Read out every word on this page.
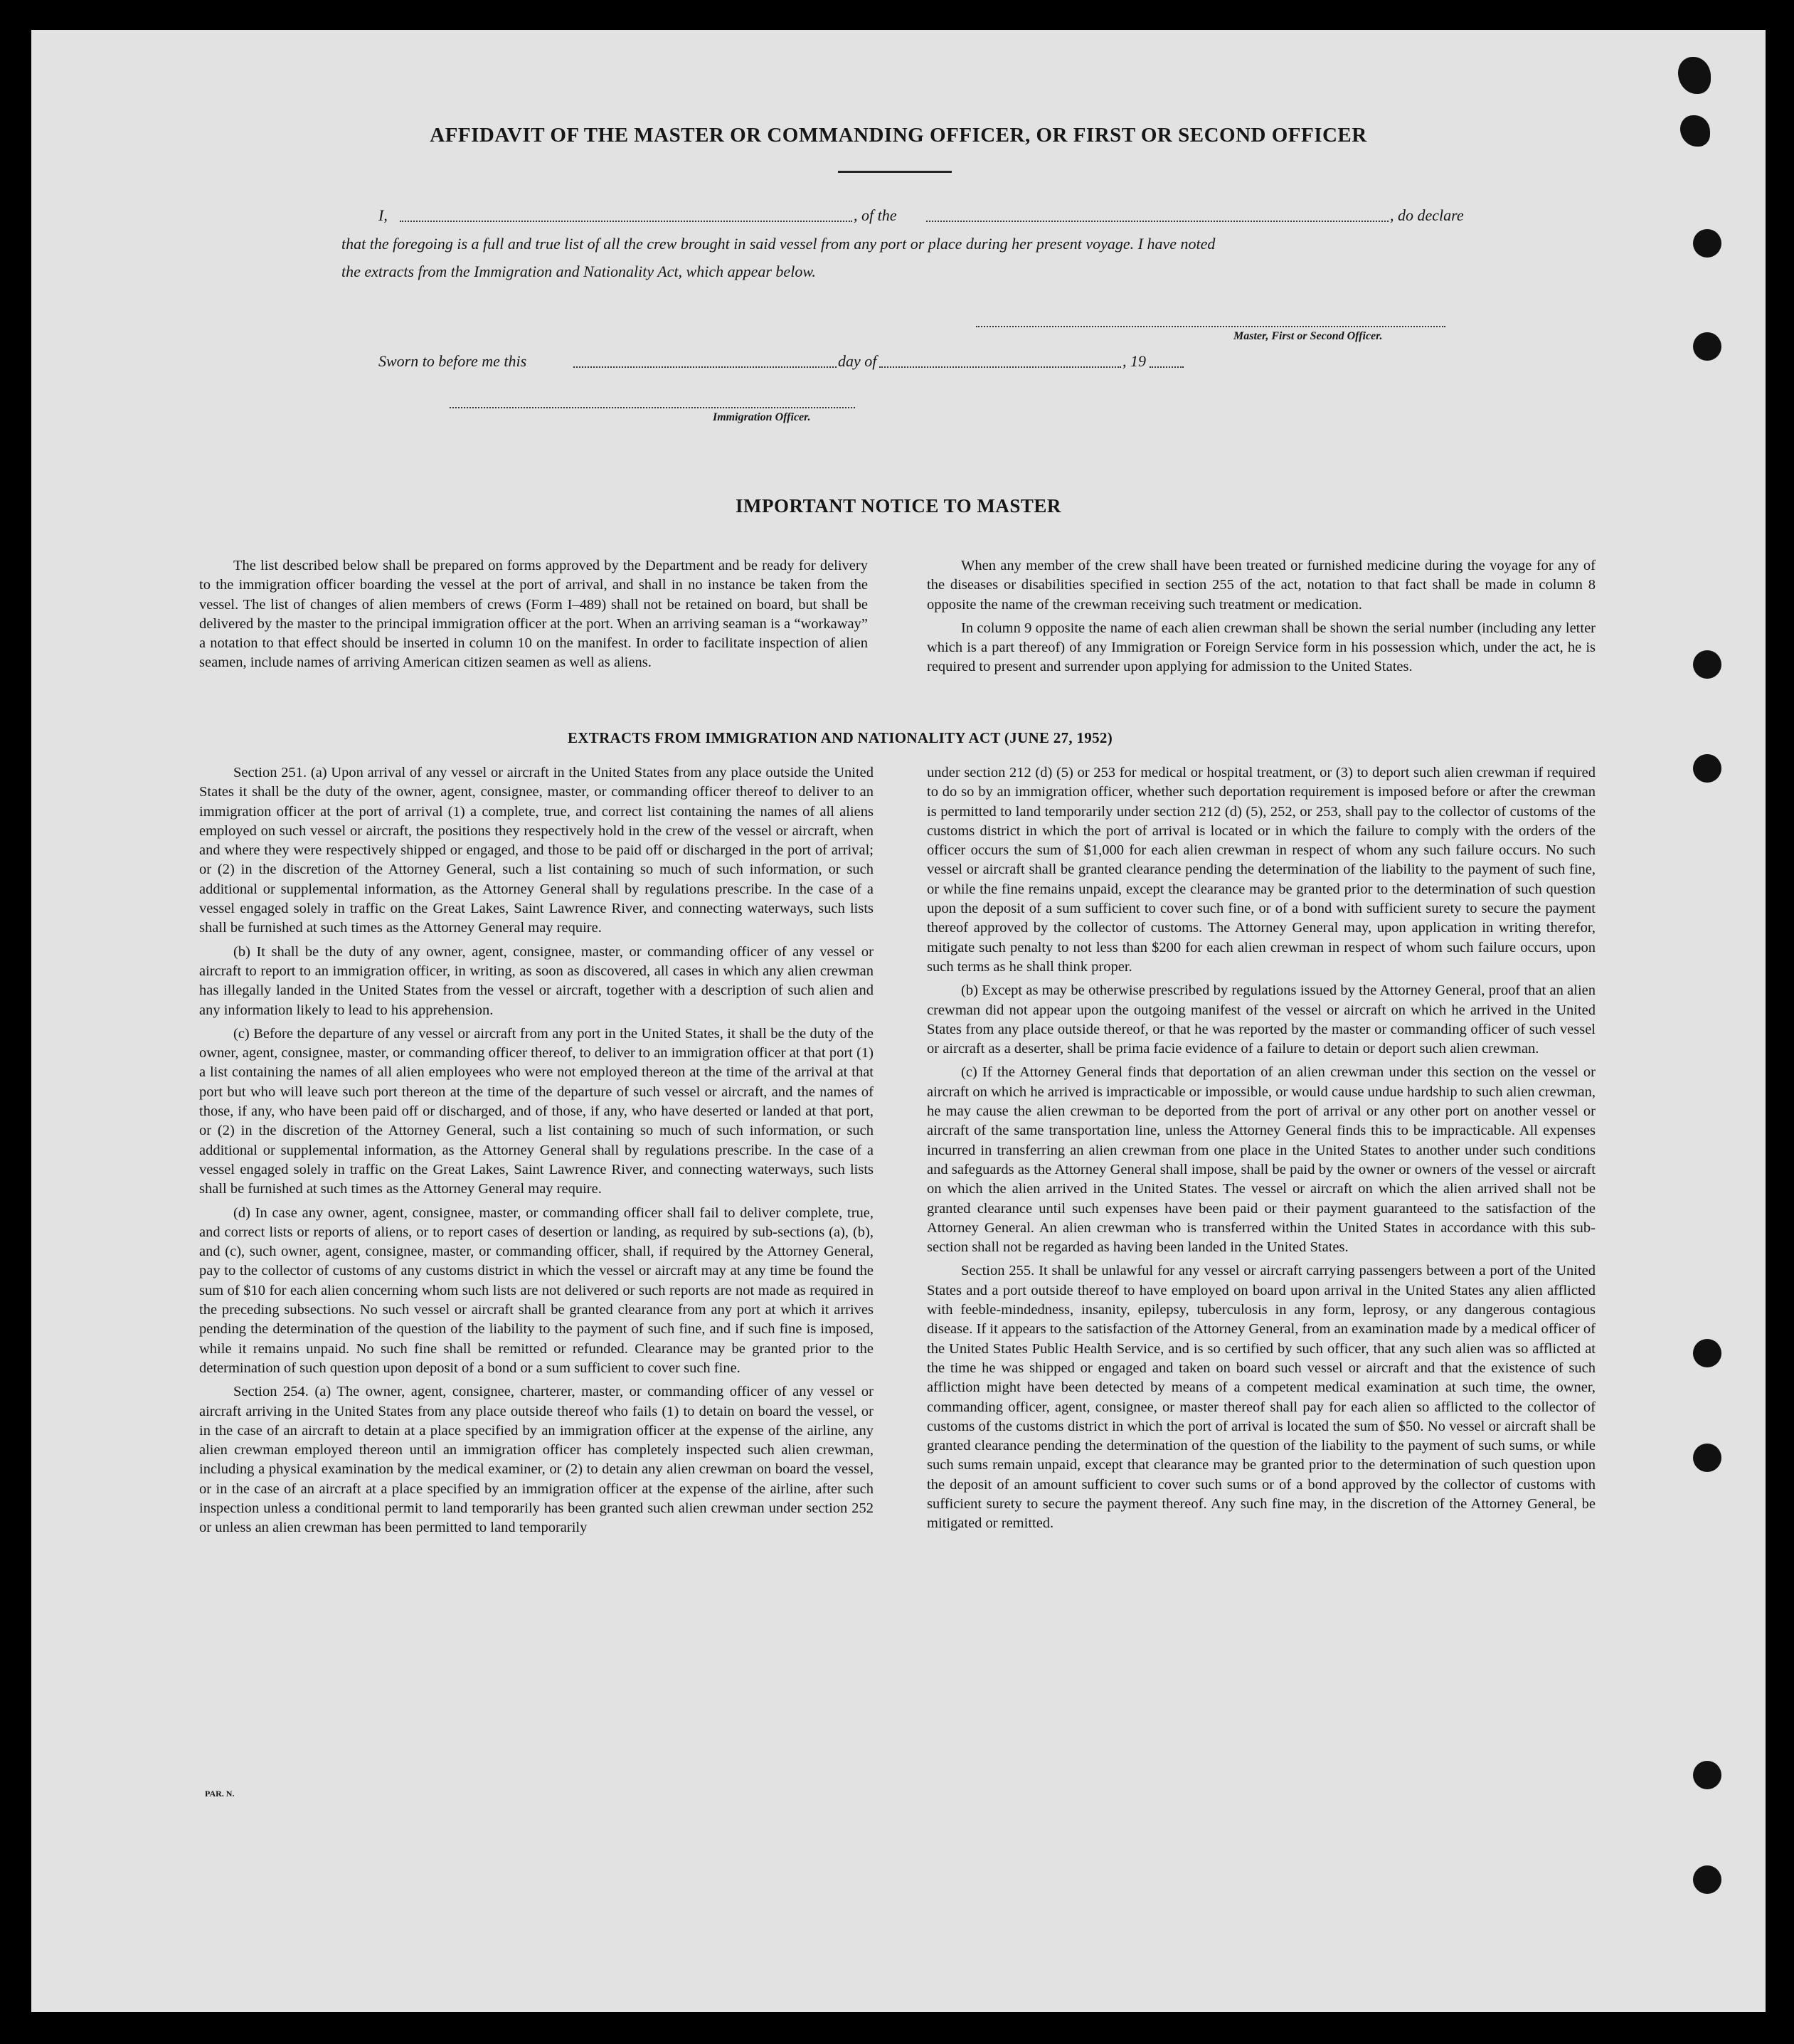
AFFIDAVIT OF THE MASTER OR COMMANDING OFFICER, OR FIRST OR SECOND OFFICER
I,	, of the	, do declare
that the foregoing is a full and true list of all the crew brought in said vessel from any port or place during her present voyage. I have noted
the extracts from the Immigration and Nationality Act, which appear below.
Master, First or Second Officer.
Sworn to before me this	day of	, 19
Immigration Officer.
IMPORTANT NOTICE TO MASTER

The list described below shall be prepared on forms approved by the Department and be ready for delivery to the immigration officer boarding the vessel at the port of arrival, and shall in no instance be taken from the vessel. The list of changes of alien members of crews (Form I–489) shall not be retained on board, but shall be delivered by the master to the principal immigration officer at the port. When an arriving seaman is a “workaway” a notation to that effect should be inserted in column 10 on the manifest. In order to facilitate inspection of alien seamen, include names of arriving American citizen seamen as well as aliens.

When any member of the crew shall have been treated or furnished medicine during the voyage for any of the diseases or disabilities specified in section 255 of the act, notation to that fact shall be made in column 8 opposite the name of the crewman receiving such treatment or medication.

In column 9 opposite the name of each alien crewman shall be shown the serial number (including any letter which is a part thereof) of any Immigration or Foreign Service form in his possession which, under the act, he is required to present and surrender upon applying for admission to the United States.

EXTRACTS FROM IMMIGRATION AND NATIONALITY ACT (JUNE 27, 1952)

Section 251. (a) Upon arrival of any vessel or aircraft in the United States from any place outside the United States it shall be the duty of the owner, agent, consignee, master, or commanding officer thereof to deliver to an immigration officer at the port of arrival (1) a complete, true, and correct list containing the names of all aliens employed on such vessel or aircraft, the positions they respectively hold in the crew of the vessel or aircraft, when and where they were respectively shipped or engaged, and those to be paid off or discharged in the port of arrival; or (2) in the discretion of the Attorney General, such a list containing so much of such information, or such additional or supplemental information, as the Attorney General shall by regulations prescribe. In the case of a vessel engaged solely in traffic on the Great Lakes, Saint Lawrence River, and connecting waterways, such lists shall be furnished at such times as the Attorney General may require.

(b) It shall be the duty of any owner, agent, consignee, master, or commanding officer of any vessel or aircraft to report to an immigration officer, in writing, as soon as discovered, all cases in which any alien crewman has illegally landed in the United States from the vessel or aircraft, together with a description of such alien and any information likely to lead to his apprehension.

(c) Before the departure of any vessel or aircraft from any port in the United States, it shall be the duty of the owner, agent, consignee, master, or commanding officer thereof, to deliver to an immigration officer at that port (1) a list containing the names of all alien employees who were not employed thereon at the time of the arrival at that port but who will leave such port thereon at the time of the departure of such vessel or aircraft, and the names of those, if any, who have been paid off or discharged, and of those, if any, who have deserted or landed at that port, or (2) in the discretion of the Attorney General, such a list containing so much of such information, or such additional or supplemental information, as the Attorney General shall by regulations prescribe. In the case of a vessel engaged solely in traffic on the Great Lakes, Saint Lawrence River, and connecting waterways, such lists shall be furnished at such times as the Attorney General may require.

(d) In case any owner, agent, consignee, master, or commanding officer shall fail to deliver complete, true, and correct lists or reports of aliens, or to report cases of desertion or landing, as required by sub-sections (a), (b), and (c), such owner, agent, consignee, master, or commanding officer, shall, if required by the Attorney General, pay to the collector of customs of any customs district in which the vessel or aircraft may at any time be found the sum of $10 for each alien concerning whom such lists are not delivered or such reports are not made as required in the preceding subsections. No such vessel or aircraft shall be granted clearance from any port at which it arrives pending the determination of the question of the liability to the payment of such fine, and if such fine is imposed, while it remains unpaid. No such fine shall be remitted or refunded. Clearance may be granted prior to the determination of such question upon deposit of a bond or a sum sufficient to cover such fine.

Section 254. (a) The owner, agent, consignee, charterer, master, or commanding officer of any vessel or aircraft arriving in the United States from any place outside thereof who fails (1) to detain on board the vessel, or in the case of an aircraft to detain at a place specified by an immigration officer at the expense of the airline, any alien crewman employed thereon until an immigration officer has completely inspected such alien crewman, including a physical examination by the medical examiner, or (2) to detain any alien crewman on board the vessel, or in the case of an aircraft at a place specified by an immigration officer at the expense of the airline, after such inspection unless a conditional permit to land temporarily has been granted such alien crewman under section 252 or unless an alien crewman has been permitted to land temporarily

under section 212 (d) (5) or 253 for medical or hospital treatment, or (3) to deport such alien crewman if required to do so by an immigration officer, whether such deportation requirement is imposed before or after the crewman is permitted to land temporarily under section 212 (d) (5), 252, or 253, shall pay to the collector of customs of the customs district in which the port of arrival is located or in which the failure to comply with the orders of the officer occurs the sum of $1,000 for each alien crewman in respect of whom any such failure occurs. No such vessel or aircraft shall be granted clearance pending the determination of the liability to the payment of such fine, or while the fine remains unpaid, except the clearance may be granted prior to the determination of such question upon the deposit of a sum sufficient to cover such fine, or of a bond with sufficient surety to secure the payment thereof approved by the collector of customs. The Attorney General may, upon application in writing therefor, mitigate such penalty to not less than $200 for each alien crewman in respect of whom such failure occurs, upon such terms as he shall think proper.

(b) Except as may be otherwise prescribed by regulations issued by the Attorney General, proof that an alien crewman did not appear upon the outgoing manifest of the vessel or aircraft on which he arrived in the United States from any place outside thereof, or that he was reported by the master or commanding officer of such vessel or aircraft as a deserter, shall be prima facie evidence of a failure to detain or deport such alien crewman.

(c) If the Attorney General finds that deportation of an alien crewman under this section on the vessel or aircraft on which he arrived is impracticable or impossible, or would cause undue hardship to such alien crewman, he may cause the alien crewman to be deported from the port of arrival or any other port on another vessel or aircraft of the same transportation line, unless the Attorney General finds this to be impracticable. All expenses incurred in transferring an alien crewman from one place in the United States to another under such conditions and safeguards as the Attorney General shall impose, shall be paid by the owner or owners of the vessel or aircraft on which the alien arrived in the United States. The vessel or aircraft on which the alien arrived shall not be granted clearance until such expenses have been paid or their payment guaranteed to the satisfaction of the Attorney General. An alien crewman who is transferred within the United States in accordance with this sub-section shall not be regarded as having been landed in the United States.

Section 255. It shall be unlawful for any vessel or aircraft carrying passengers between a port of the United States and a port outside thereof to have employed on board upon arrival in the United States any alien afflicted with feeble-mindedness, insanity, epilepsy, tuberculosis in any form, leprosy, or any dangerous contagious disease. If it appears to the satisfaction of the Attorney General, from an examination made by a medical officer of the United States Public Health Service, and is so certified by such officer, that any such alien was so afflicted at the time he was shipped or engaged and taken on board such vessel or aircraft and that the existence of such affliction might have been detected by means of a competent medical examination at such time, the owner, commanding officer, agent, consignee, or master thereof shall pay for each alien so afflicted to the collector of customs of the customs district in which the port of arrival is located the sum of $50. No vessel or aircraft shall be granted clearance pending the determination of the question of the liability to the payment of such sums, or while such sums remain unpaid, except that clearance may be granted prior to the determination of such question upon the deposit of an amount sufficient to cover such sums or of a bond approved by the collector of customs with sufficient surety to secure the payment thereof. Any such fine may, in the discretion of the Attorney General, be mitigated or remitted.

PAR. N.
